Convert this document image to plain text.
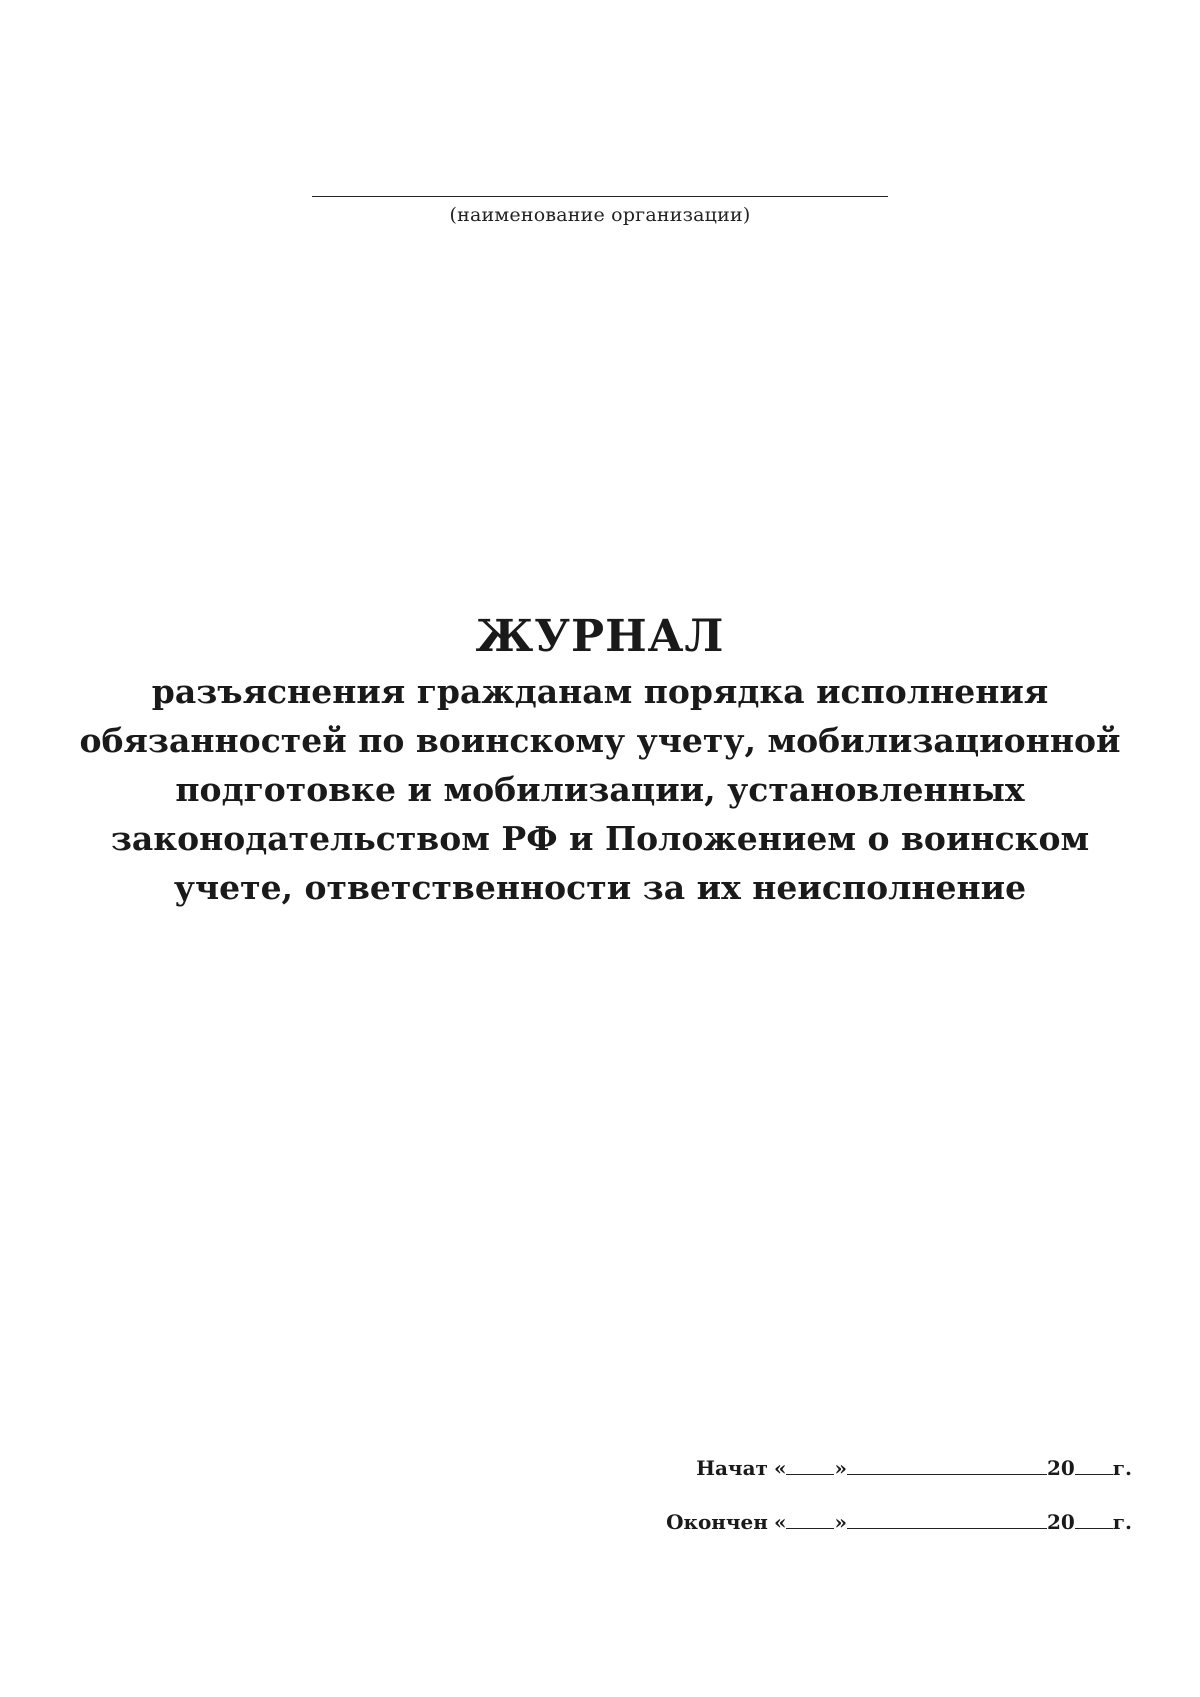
(наименование организации)
ЖУРНАЛ
разъяснения гражданам порядка исполнения
обязанностей по воинскому учету, мобилизационной
подготовке и мобилизации, установленных
законодательством РФ и Положением о воинском
учете, ответственности за их неисполнение
Начат « »	20 г.
Окончен « »	20 г.
